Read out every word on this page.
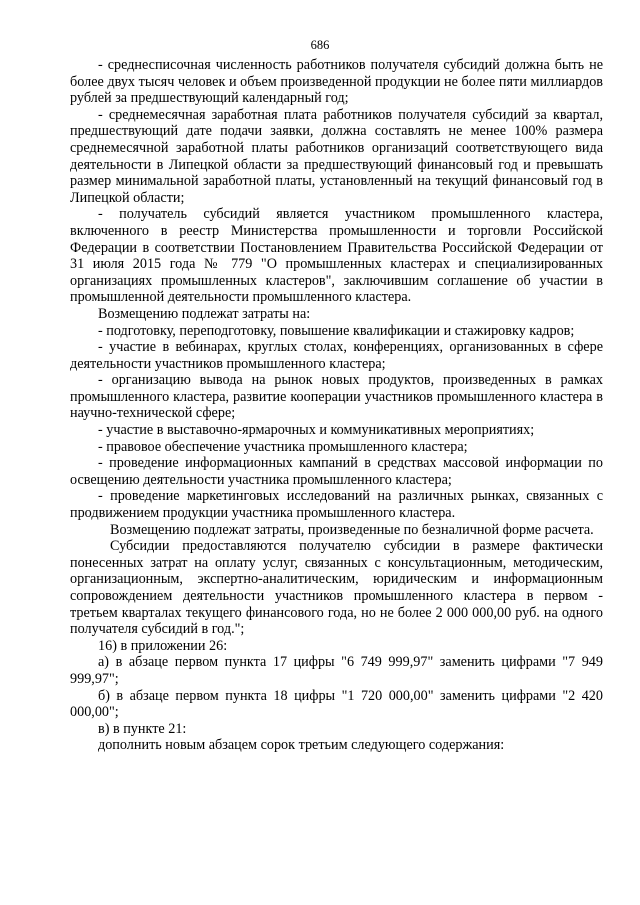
686

- среднесписочная численность работников получателя субсидий должна быть не более двух тысяч человек и объем произведенной продукции не более пяти миллиардов рублей за предшествующий календарный год;

- среднемесячная заработная плата работников получателя субсидий за квартал, предшествующий дате подачи заявки, должна составлять не менее 100% размера среднемесячной заработной платы работников организаций соответствующего вида деятельности в Липецкой области за предшествующий финансовый год и превышать размер минимальной заработной платы, установленный на текущий финансовый год в Липецкой области;

- получатель субсидий является участником промышленного кластера, включенного в реестр Министерства промышленности и торговли Российской Федерации в соответствии Постановлением Правительства Российской Федерации от 31 июля 2015 года № 779 "О промышленных кластерах и специализированных организациях промышленных кластеров", заключившим соглашение об участии в промышленной деятельности промышленного кластера.

Возмещению подлежат затраты на:

- подготовку, переподготовку, повышение квалификации и стажировку кадров;

- участие в вебинарах, круглых столах, конференциях, организованных в сфере деятельности участников промышленного кластера;

- организацию вывода на рынок новых продуктов, произведенных в рамках промышленного кластера, развитие кооперации участников промышленного кластера в научно-технической сфере;

- участие в выставочно-ярмарочных и коммуникативных мероприятиях;

- правовое обеспечение участника промышленного кластера;

- проведение информационных кампаний в средствах массовой информации по освещению деятельности участника промышленного кластера;

- проведение маркетинговых исследований на различных рынках, связанных с продвижением продукции участника промышленного кластера.

Возмещению подлежат затраты, произведенные по безналичной форме расчета.

Субсидии предоставляются получателю субсидии в размере фактически понесенных затрат на оплату услуг, связанных с консультационным, методическим, организационным, экспертно-аналитическим, юридическим и информационным сопровождением деятельности участников промышленного кластера в первом - третьем кварталах текущего финансового года, но не более 2 000 000,00 руб. на одного получателя субсидий в год.";

16) в приложении 26:

а) в абзаце первом пункта 17 цифры "6 749 999,97" заменить цифрами "7 949 999,97";

б) в абзаце первом пункта 18 цифры "1 720 000,00" заменить цифрами "2 420 000,00";

в) в пункте 21:

дополнить новым абзацем сорок третьим следующего содержания:
